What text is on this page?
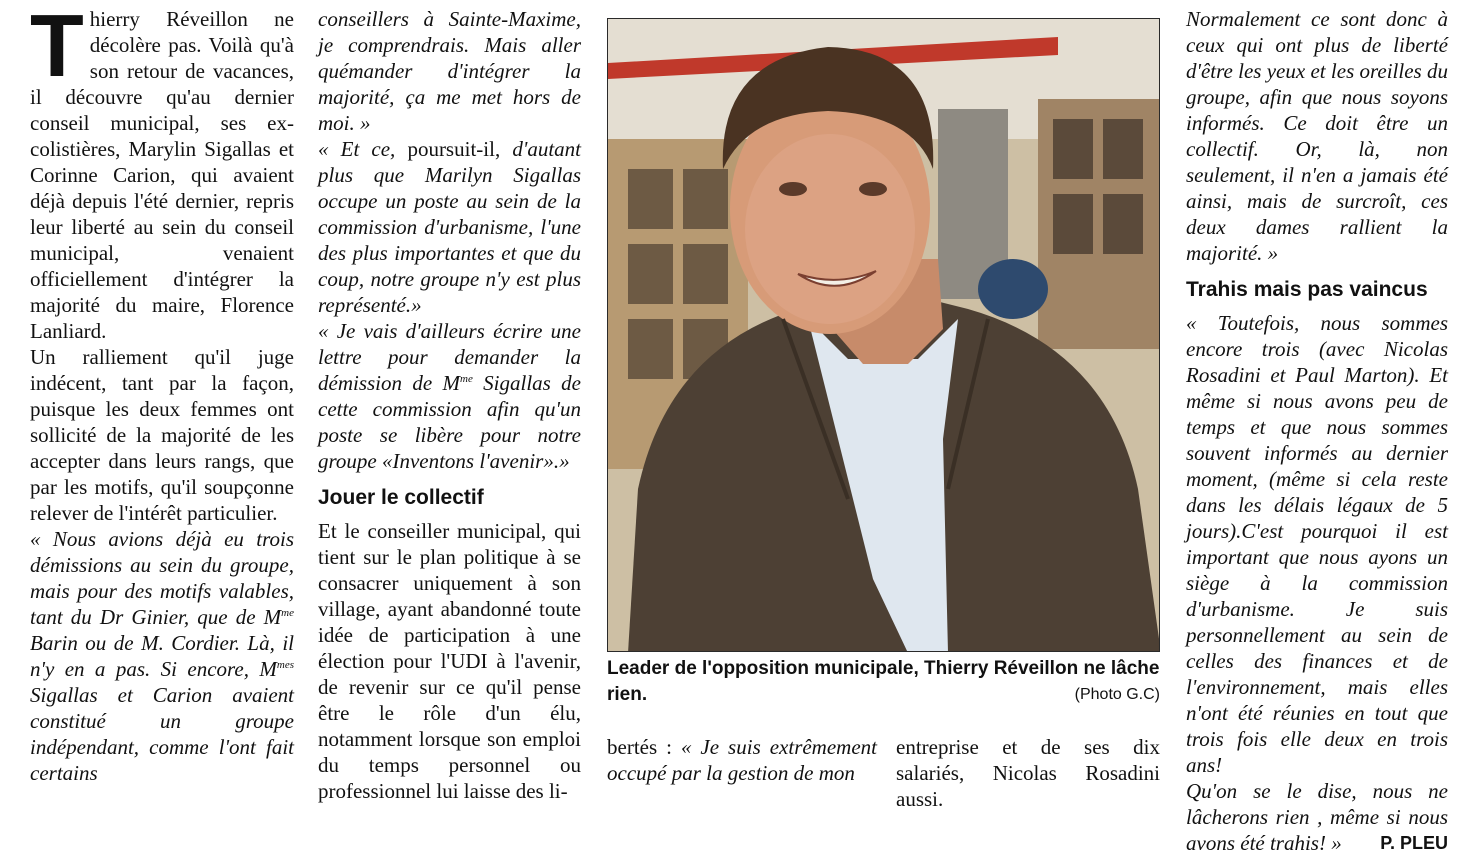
Thierry Réveillon ne décolère pas. Voilà qu'à son retour de vacances, il découvre qu'au dernier conseil municipal, ses ex-colistières, Marylin Sigallas et Corinne Carion, qui avaient déjà depuis l'été dernier, repris leur liberté au sein du conseil municipal, venaient officiellement d'intégrer la majorité du maire, Florence Lanliard.

Un ralliement qu'il juge indécent, tant par la façon, puisque les deux femmes ont sollicité de la majorité de les accepter dans leurs rangs, que par les motifs, qu'il soupçonne relever de l'intérêt particulier.

« Nous avions déjà eu trois démissions au sein du groupe, mais pour des motifs valables, tant du Dr Ginier, que de $M^{me}$ Barin ou de M. Cordier. Là, il n'y en a pas. Si encore, $M^{mes}$ Sigallas et Carion avaient constitué un groupe indépendant, comme l'ont fait certains

conseillers à Sainte-Maxime, je comprendrais. Mais aller quémander d'intégrer la majorité, ça me met hors de moi. »

« Et ce, poursuit-il, d'autant plus que Marilyn Sigallas occupe un poste au sein de la commission d'urbanisme, l'une des plus importantes et que du coup, notre groupe n'y est plus représenté.»

« Je vais d'ailleurs écrire une lettre pour demander la démission de $M^{me}$ Sigallas de cette commission afin qu'un poste se libère pour notre groupe «Inventons l'avenir».»

Jouer le collectif

Et le conseiller municipal, qui tient sur le plan politique à se consacrer uniquement à son village, ayant abandonné toute idée de participation à une élection pour l'UDI à l'avenir, de revenir sur ce qu'il pense être le rôle d'un élu, notamment lorsque son emploi du temps personnel ou professionnel lui laisse des li-

Leader de l'opposition municipale, Thierry Réveillon ne lâche rien.	(Photo G.C)
bertés : « Je suis extrêmement occupé par la gestion de mon
entreprise et de ses dix salariés, Nicolas Rosadini aussi.

Normalement ce sont donc à ceux qui ont plus de liberté d'être les yeux et les oreilles du groupe, afin que nous soyons informés. Ce doit être un collectif. Or, là, non seulement, il n'en a jamais été ainsi, mais de surcroît, ces deux dames rallient la majorité. »

Trahis mais pas vaincus

« Toutefois, nous sommes encore trois (avec Nicolas Rosadini et Paul Marton). Et même si nous avons peu de temps et que nous sommes souvent informés au dernier moment, (même si cela reste dans les délais légaux de 5 jours).C'est pourquoi il est important que nous ayons un siège à la commission d'urbanisme. Je suis personnellement au sein de celles des finances et de l'environnement, mais elles n'ont été réunies en tout que trois fois elle deux en trois ans!

Qu'on se le dise, nous ne lâcherons rien , même si nous avons été trahis! » P. PLEU
